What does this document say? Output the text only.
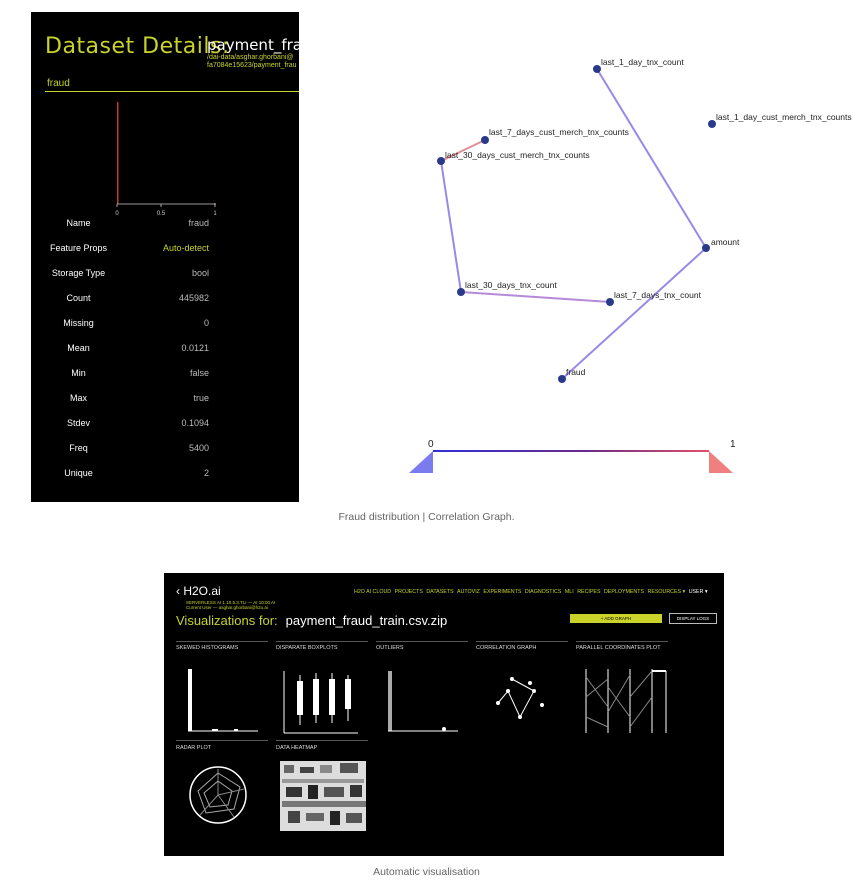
Dataset Details:
payment_frau
/dai-data/asghar.ghorbani@
fa7084e15623/payment_frau
fraud
0	0.5	1
Name	fraud
Feature Props	Auto-detect
Storage Type	bool
Count	445982
Missing	0
Mean	0.0121
Min	false
Max	true
Stdev	0.1094
Freq	5400
Unique	2
last_1_day_tnx_count
last_1_day_cust_merch_tnx_counts
last_7_days_cust_merch_tnx_counts
last_30_days_cust_merch_tnx_counts
amount
last_30_days_tnx_count
last_7_days_tnx_count
fraud
0	1
Fraud distribution | Correlation Graph.
‹ H2O.ai
SERVERLESS AI 1.10.5.3.TLI — AI 10:00 AI
Current User — asghar.ghorbani@h2o.ai
H2O AI CLOUD PROJECTS DATASETS AUTOVIZ EXPERIMENTS DIAGNOSTICS MLI RECIPES DEPLOYMENTS RESOURCES ▾ USER ▾
Visualizations for: payment_fraud_train.csv.zip	+ ADD GRAPH	DISPLAY LOGS
SKEWED HISTOGRAMS	DISPARATE BOXPLOTS	OUTLIERS	CORRELATION GRAPH	PARALLEL COORDINATES PLOT
RADAR PLOT	DATA HEATMAP
Automatic visualisation
